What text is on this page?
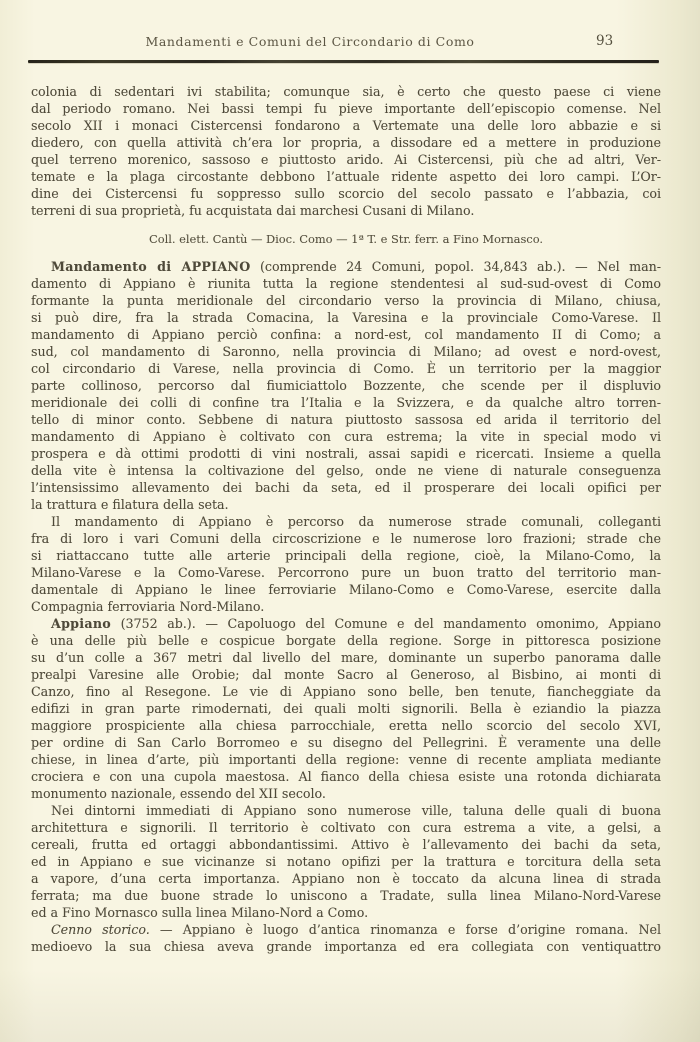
Mandamenti e Comuni del Circondario di Como	93
colonia di sedentari ivi stabilita; comunque sia, è certo che questo paese ci viene
dal periodo romano. Nei bassi tempi fu pieve importante dell’episcopio comense. Nel
secolo XII i monaci Cistercensi fondarono a Vertemate una delle loro abbazie e si
diedero, con quella attività ch’era lor propria, a dissodare ed a mettere in produzione
quel terreno morenico, sassoso e piuttosto arido. Ai Cistercensi, più che ad altri, Ver-
temate e la plaga circostante debbono l’attuale ridente aspetto dei loro campi. L’Or-
dine dei Cistercensi fu soppresso sullo scorcio del secolo passato e l’abbazia, coi
terreni di sua proprietà, fu acquistata dai marchesi Cusani di Milano.
Coll. elett. Cantù — Dioc. Como — 1ª T. e Str. ferr. a Fino Mornasco.
Mandamento di APPIANO (comprende 24 Comuni, popol. 34,843 ab.). — Nel man-
damento di Appiano è riunita tutta la regione stendentesi al sud-sud-ovest di Como
formante la punta meridionale del circondario verso la provincia di Milano, chiusa,
si può dire, fra la strada Comacina, la Varesina e la provinciale Como-Varese. Il
mandamento di Appiano perciò confina: a nord-est, col mandamento II di Como; a
sud, col mandamento di Saronno, nella provincia di Milano; ad ovest e nord-ovest,
col circondario di Varese, nella provincia di Como. È un territorio per la maggior
parte collinoso, percorso dal fiumiciattolo Bozzente, che scende per il displuvio
meridionale dei colli di confine tra l’Italia e la Svizzera, e da qualche altro torren-
tello di minor conto. Sebbene di natura piuttosto sassosa ed arida il territorio del
mandamento di Appiano è coltivato con cura estrema; la vite in special modo vi
prospera e dà ottimi prodotti di vini nostrali, assai sapidi e ricercati. Insieme a quella
della vite è intensa la coltivazione del gelso, onde ne viene di naturale conseguenza
l’intensissimo allevamento dei bachi da seta, ed il prosperare dei locali opifici per
la trattura e filatura della seta.
Il mandamento di Appiano è percorso da numerose strade comunali, colleganti
fra di loro i vari Comuni della circoscrizione e le numerose loro frazioni; strade che
si riattaccano tutte alle arterie principali della regione, cioè, la Milano-Como, la
Milano-Varese e la Como-Varese. Percorrono pure un buon tratto del territorio man-
damentale di Appiano le linee ferroviarie Milano-Como e Como-Varese, esercite dalla
Compagnia ferroviaria Nord-Milano.
Appiano (3752 ab.). — Capoluogo del Comune e del mandamento omonimo, Appiano
è una delle più belle e cospicue borgate della regione. Sorge in pittoresca posizione
su d’un colle a 367 metri dal livello del mare, dominante un superbo panorama dalle
prealpi Varesine alle Orobie; dal monte Sacro al Generoso, al Bisbino, ai monti di
Canzo, fino al Resegone. Le vie di Appiano sono belle, ben tenute, fiancheggiate da
edifizi in gran parte rimodernati, dei quali molti signorili. Bella è eziandio la piazza
maggiore prospiciente alla chiesa parrocchiale, eretta nello scorcio del secolo XVI,
per ordine di San Carlo Borromeo e su disegno del Pellegrini. È veramente una delle
chiese, in linea d’arte, più importanti della regione: venne di recente ampliata mediante
crociera e con una cupola maestosa. Al fianco della chiesa esiste una rotonda dichiarata
monumento nazionale, essendo del XII secolo.
Nei dintorni immediati di Appiano sono numerose ville, taluna delle quali di buona
architettura e signorili. Il territorio è coltivato con cura estrema a vite, a gelsi, a
cereali, frutta ed ortaggi abbondantissimi. Attivo è l’allevamento dei bachi da seta,
ed in Appiano e sue vicinanze si notano opifizi per la trattura e torcitura della seta
a vapore, d’una certa importanza. Appiano non è toccato da alcuna linea di strada
ferrata; ma due buone strade lo uniscono a Tradate, sulla linea Milano-Nord-Varese
ed a Fino Mornasco sulla linea Milano-Nord a Como.
Cenno storico. — Appiano è luogo d’antica rinomanza e forse d’origine romana. Nel
medioevo la sua chiesa aveva grande importanza ed era collegiata con ventiquattro
